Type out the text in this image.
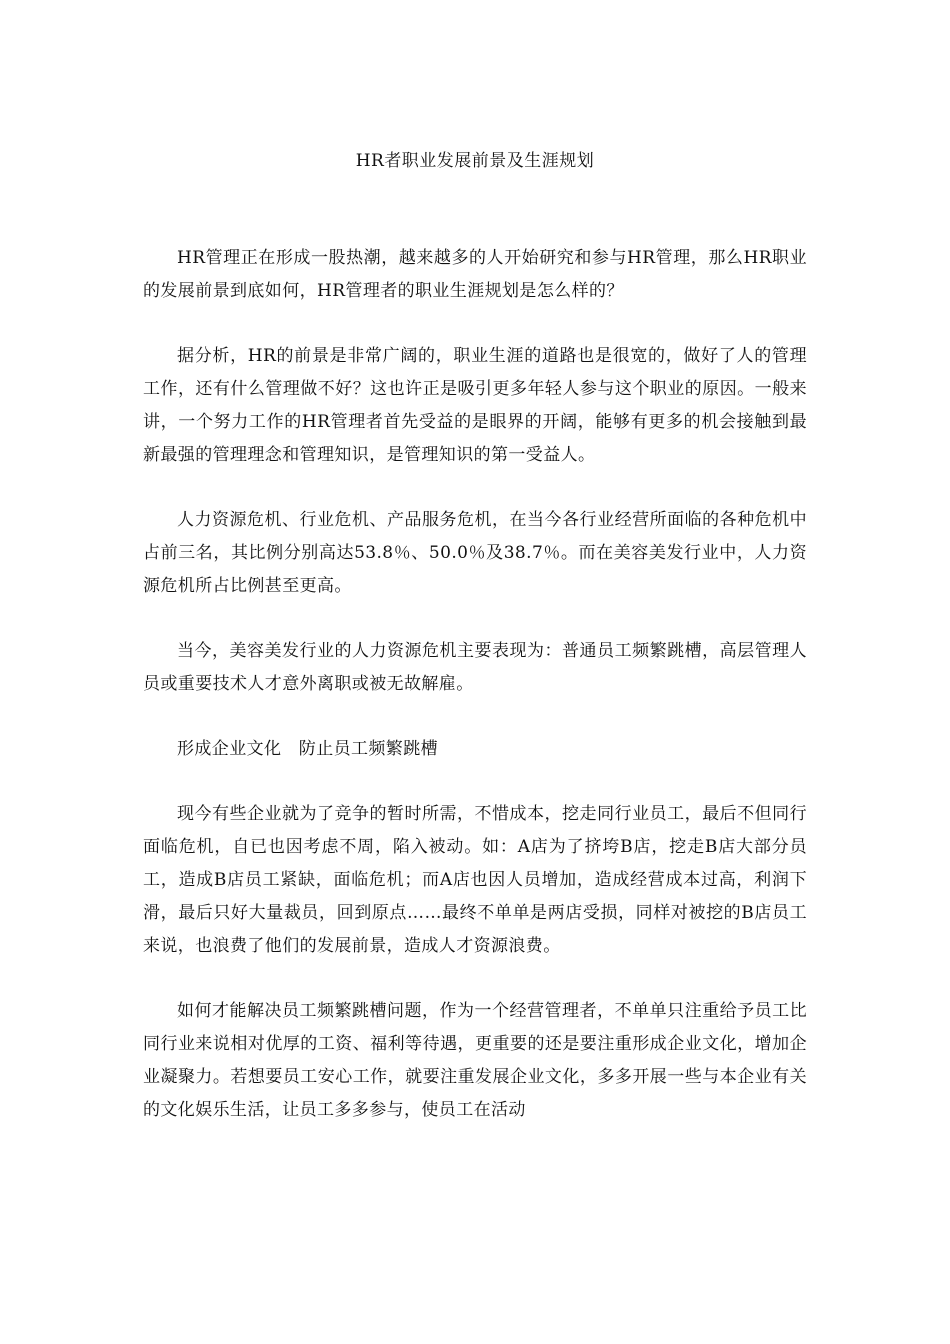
HR者职业发展前景及生涯规划

HR管理正在形成一股热潮，越来越多的人开始研究和参与HR管理，那么HR职业的发展前景到底如何，HR管理者的职业生涯规划是怎么样的？

据分析，HR的前景是非常广阔的，职业生涯的道路也是很宽的，做好了人的管理工作，还有什么管理做不好？这也许正是吸引更多年轻人参与这个职业的原因。一般来讲，一个努力工作的HR管理者首先受益的是眼界的开阔，能够有更多的机会接触到最新最强的管理理念和管理知识，是管理知识的第一受益人。

人力资源危机、行业危机、产品服务危机，在当今各行业经营所面临的各种危机中占前三名，其比例分别高达53.8％、50.0％及38.7％。而在美容美发行业中，人力资源危机所占比例甚至更高。

当今，美容美发行业的人力资源危机主要表现为：普通员工频繁跳槽，高层管理人员或重要技术人才意外离职或被无故解雇。

形成企业文化　防止员工频繁跳槽

现今有些企业就为了竞争的暂时所需，不惜成本，挖走同行业员工，最后不但同行面临危机，自已也因考虑不周，陷入被动。如：A店为了挤垮B店，挖走B店大部分员工，造成B店员工紧缺，面临危机；而A店也因人员增加，造成经营成本过高，利润下滑，最后只好大量裁员，回到原点……最终不单单是两店受损，同样对被挖的B店员工来说，也浪费了他们的发展前景，造成人才资源浪费。

如何才能解决员工频繁跳槽问题，作为一个经营管理者，不单单只注重给予员工比同行业来说相对优厚的工资、福利等待遇，更重要的还是要注重形成企业文化，增加企业凝聚力。若想要员工安心工作，就要注重发展企业文化，多多开展一些与本企业有关的文化娱乐生活，让员工多多参与，使员工在活动
